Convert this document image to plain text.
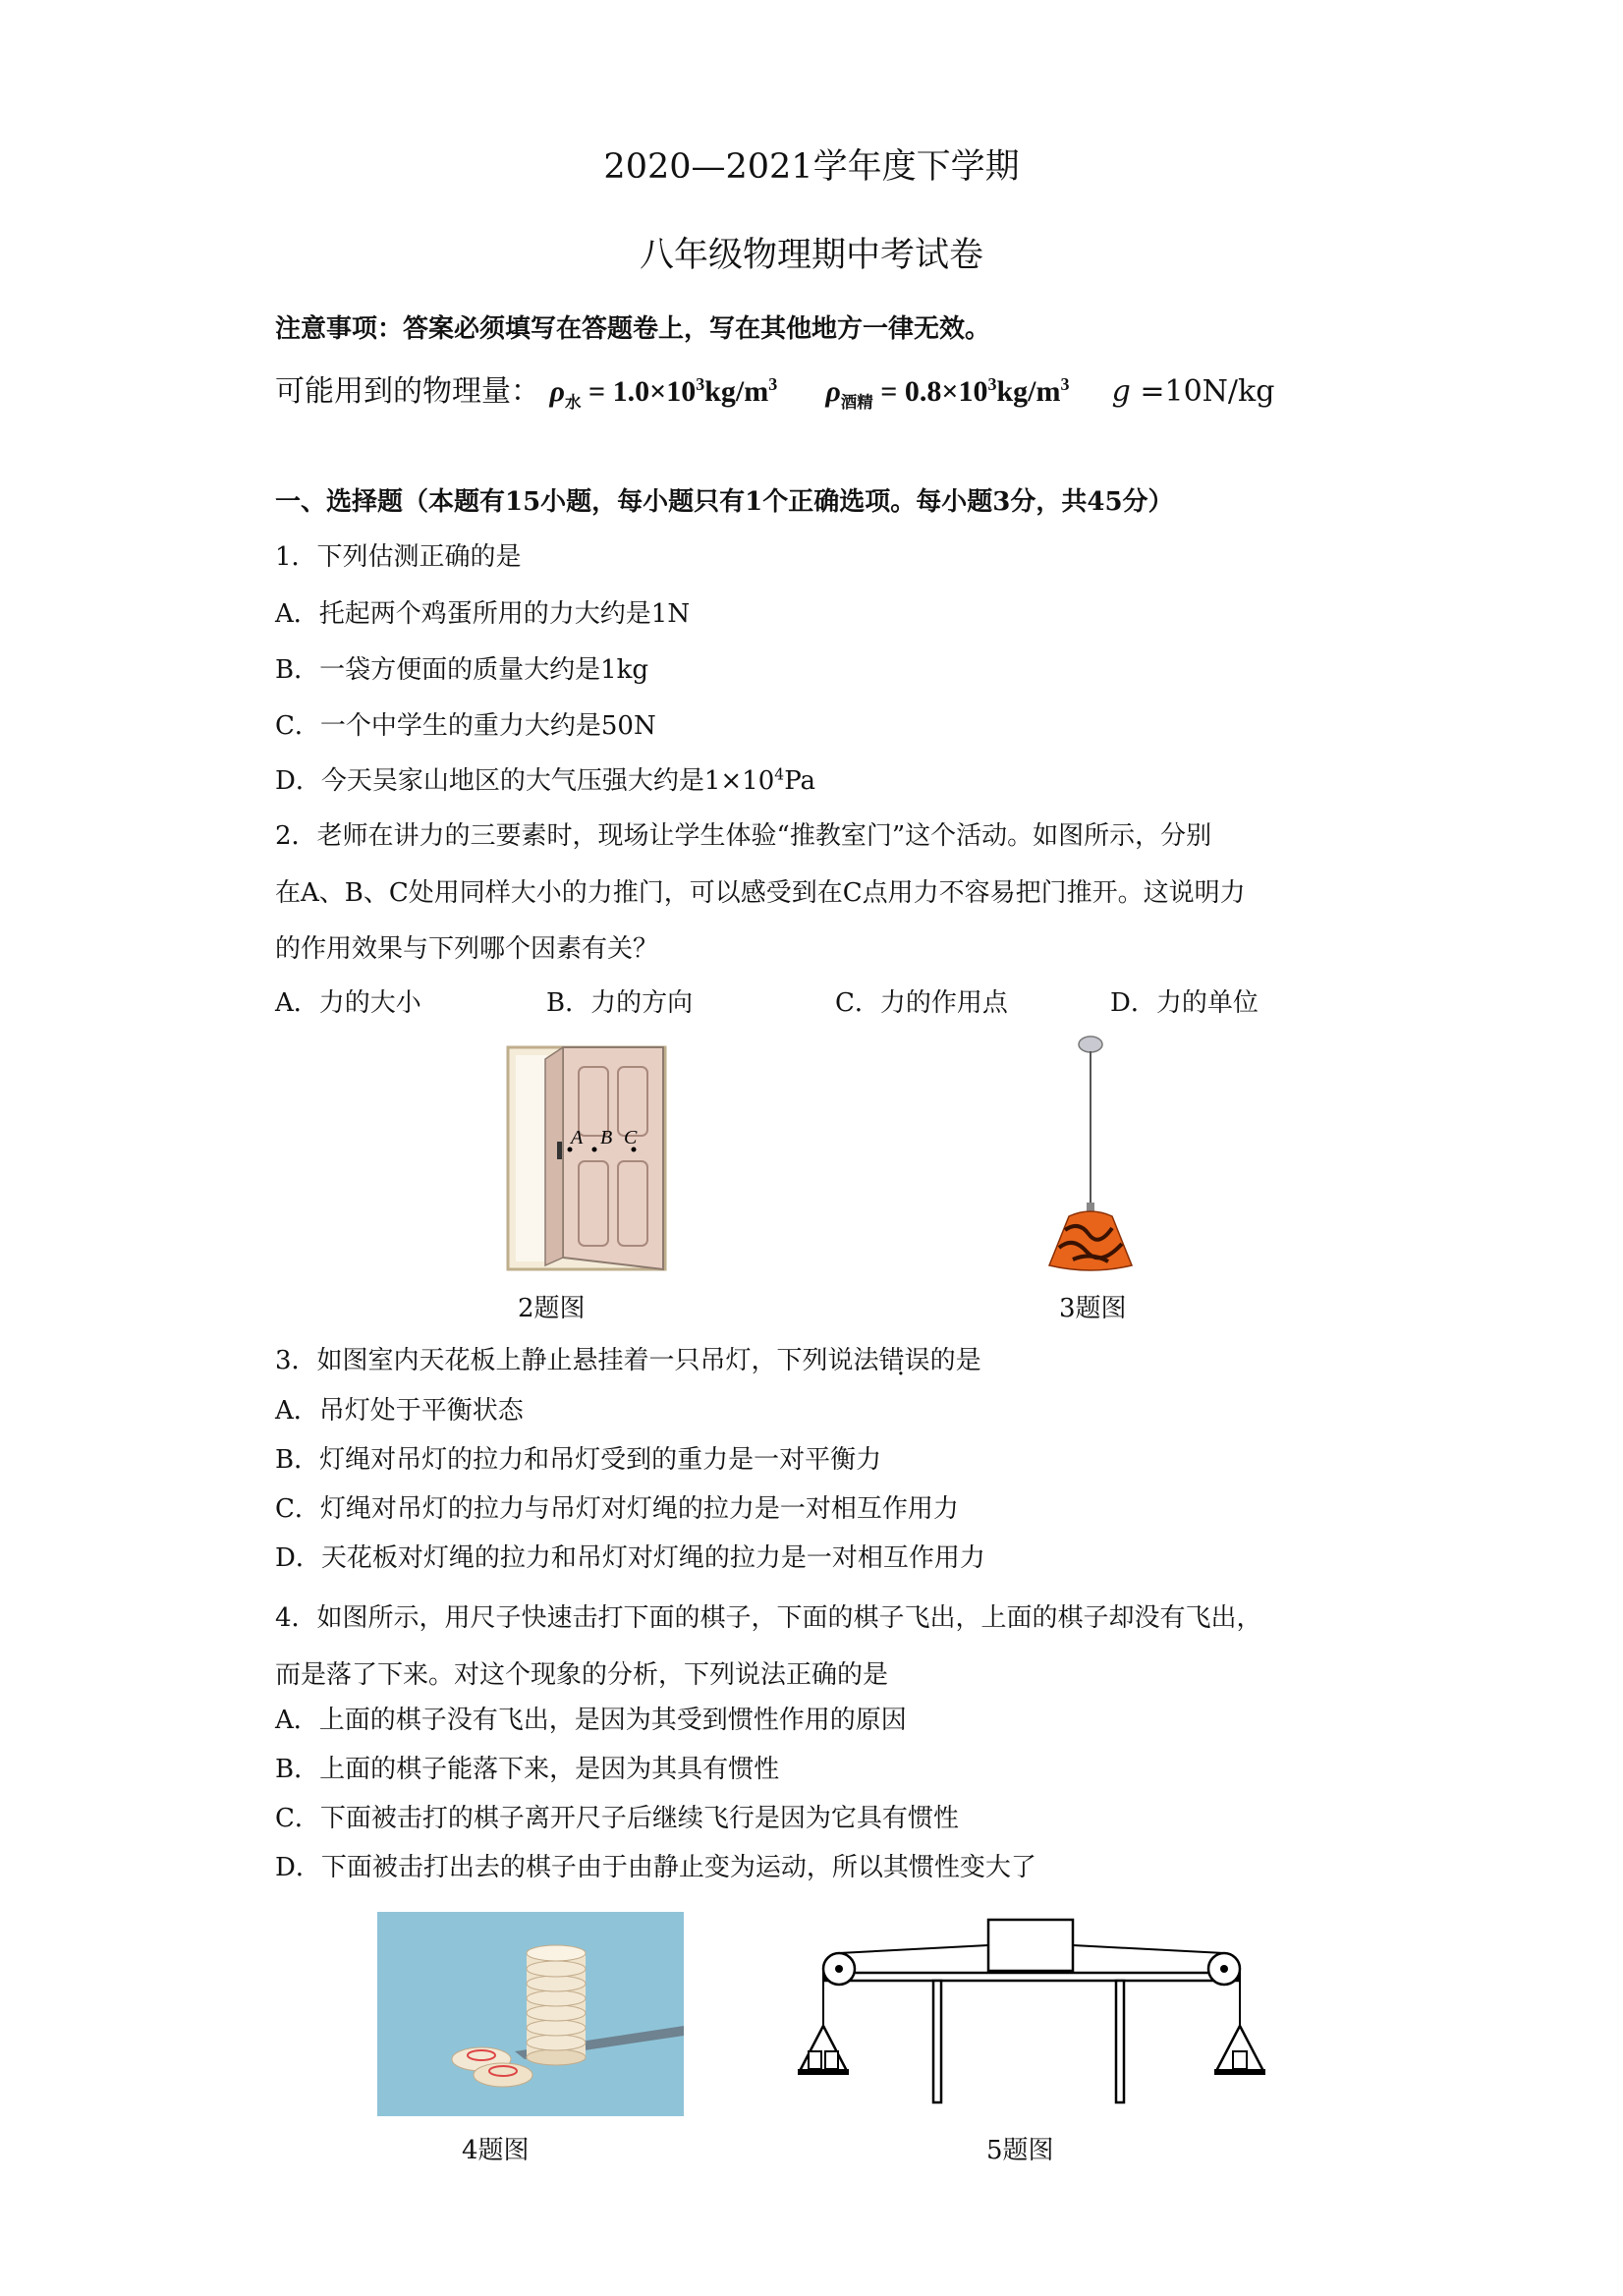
2020—2021学年度下学期
八年级物理期中考试卷
注意事项：答案必须填写在答题卷上，写在其他地方一律无效。
可能用到的物理量： $\rho_水 = 1.0\times 10^3kg/m^3$ $\rho_{酒精} = 0.8\times 10^3kg/m^3$ g =10N/kg
一、选择题（本题有15小题，每小题只有1个正确选项。每小题3分，共45分）
1．下列估测正确的是
A．托起两个鸡蛋所用的力大约是1N
B．一袋方便面的质量大约是1kg
C．一个中学生的重力大约是50N
D．今天吴家山地区的大气压强大约是$1\times 10^4Pa$
2．老师在讲力的三要素时，现场让学生体验“推教室门”这个活动。如图所示，分别
在A、B、C处用同样大小的力推门，可以感受到在C点用力不容易把门推开。这说明力
的作用效果与下列哪个因素有关？
A．力的大小	B．力的方向	C．力的作用点	D．力的单位
A B C
2题图	3题图
3．如图室内天花板上静止悬挂着一只吊灯，下列说法错误的是
A．吊灯处于平衡状态
B．灯绳对吊灯的拉力和吊灯受到的重力是一对平衡力
C．灯绳对吊灯的拉力与吊灯对灯绳的拉力是一对相互作用力
D．天花板对灯绳的拉力和吊灯对灯绳的拉力是一对相互作用力
4．如图所示，用尺子快速击打下面的棋子，下面的棋子飞出，上面的棋子却没有飞出，
而是落了下来。对这个现象的分析，下列说法正确的是
A．上面的棋子没有飞出，是因为其受到惯性作用的原因
B．上面的棋子能落下来，是因为其具有惯性
C．下面被击打的棋子离开尺子后继续飞行是因为它具有惯性
D．下面被击打出去的棋子由于由静止变为运动，所以其惯性变大了
4题图	5题图
